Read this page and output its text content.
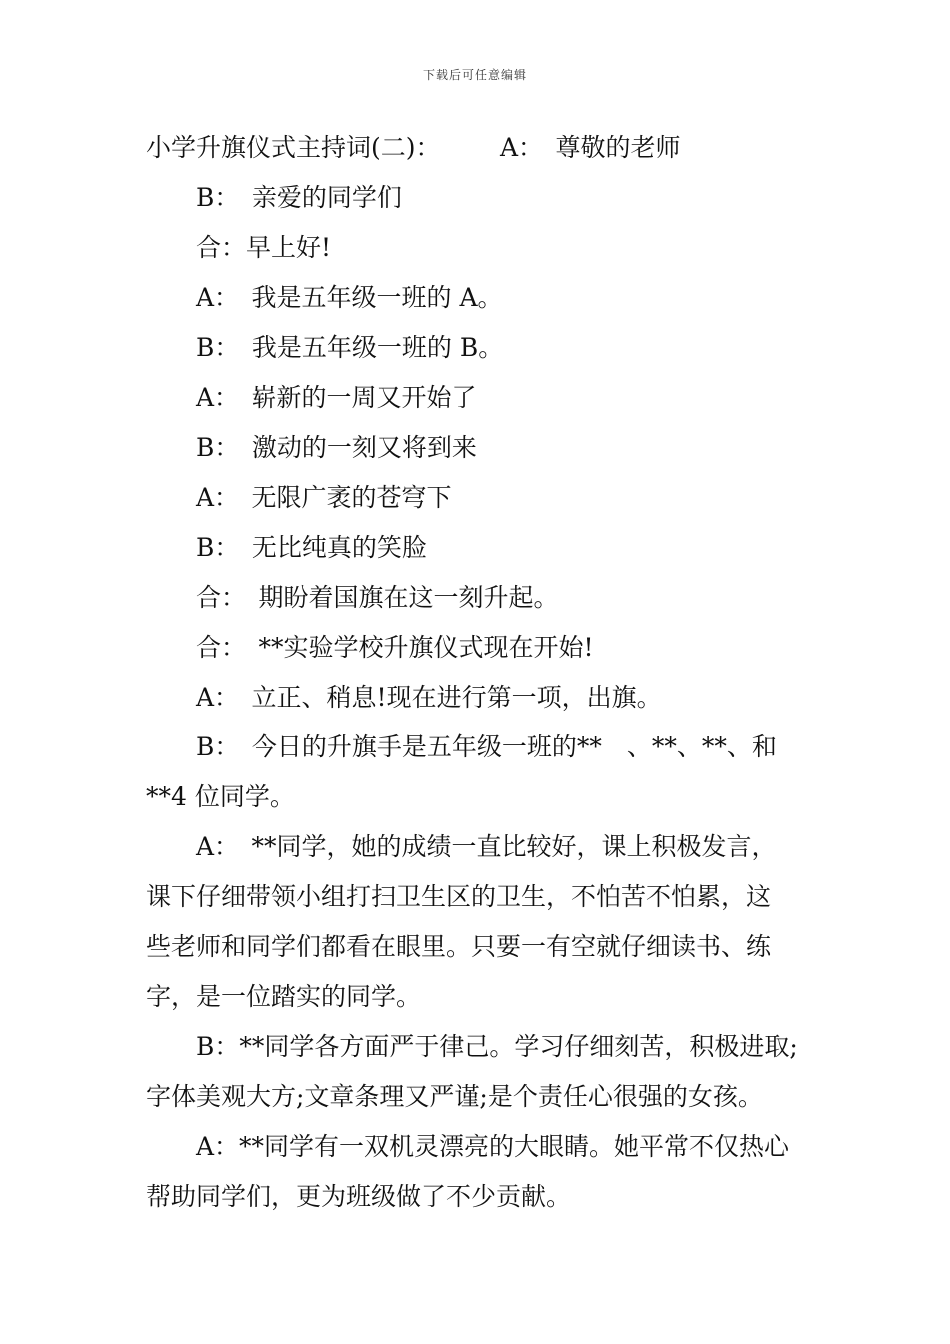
下载后可任意编辑
小学升旗仪式主持词(二)： A：　尊敬的老师
B：　亲爱的同学们
合：早上好!
A：　我是五年级一班的 A。
B：　我是五年级一班的 B。
A：　崭新的一周又开始了
B：　激动的一刻又将到来
A：　无限广袤的苍穹下
B：　无比纯真的笑脸
合：　期盼着国旗在这一刻升起。
合：　**实验学校升旗仪式现在开始!
A：　立正、稍息!现在进行第一项，出旗。
B：　今日的升旗手是五年级一班的**　、**、**、和
**4 位同学。
A：　**同学，她的成绩一直比较好，课上积极发言，
课下仔细带领小组打扫卫生区的卫生，不怕苦不怕累，这
些老师和同学们都看在眼里。只要一有空就仔细读书、练
字，是一位踏实的同学。
B：**同学各方面严于律己。学习仔细刻苦，积极进取;
字体美观大方;文章条理又严谨;是个责任心很强的女孩。
A：**同学有一双机灵漂亮的大眼睛。她平常不仅热心
帮助同学们，更为班级做了不少贡献。
